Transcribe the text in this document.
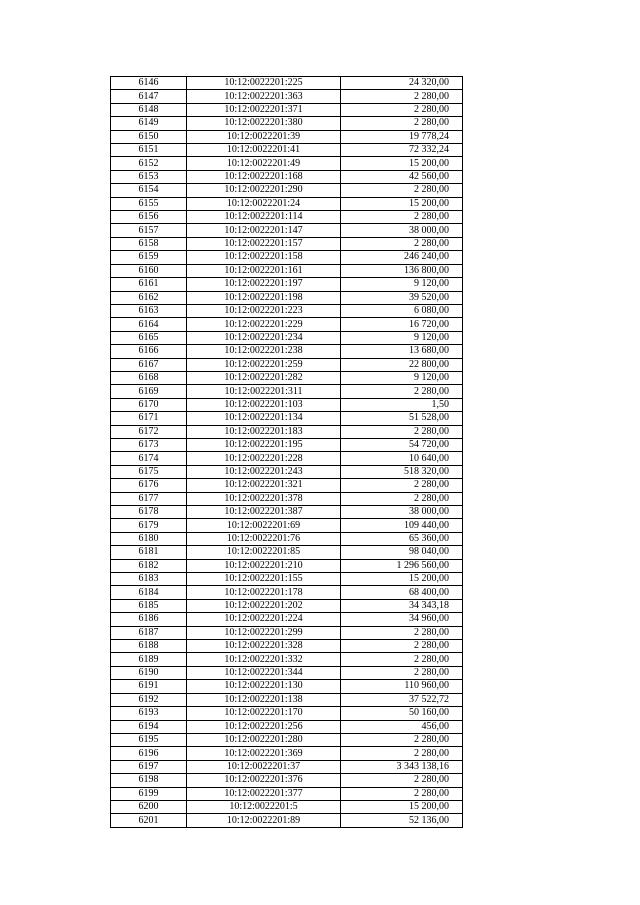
6146	10:12:0022201:225	24 320,00
6147	10:12:0022201:363	2 280,00
6148	10:12:0022201:371	2 280,00
6149	10:12:0022201:380	2 280,00
6150	10:12:0022201:39	19 778,24
6151	10:12:0022201:41	72 332,24
6152	10:12:0022201:49	15 200,00
6153	10:12:0022201:168	42 560,00
6154	10:12:0022201:290	2 280,00
6155	10:12:0022201:24	15 200,00
6156	10:12:0022201:114	2 280,00
6157	10:12:0022201:147	38 000,00
6158	10:12:0022201:157	2 280,00
6159	10:12:0022201:158	246 240,00
6160	10:12:0022201:161	136 800,00
6161	10:12:0022201:197	9 120,00
6162	10:12:0022201:198	39 520,00
6163	10:12:0022201:223	6 080,00
6164	10:12:0022201:229	16 720,00
6165	10:12:0022201:234	9 120,00
6166	10:12:0022201:238	13 680,00
6167	10:12:0022201:259	22 800,00
6168	10:12:0022201:282	9 120,00
6169	10:12:0022201:311	2 280,00
6170	10:12:0022201:103	1,50
6171	10:12:0022201:134	51 528,00
6172	10:12:0022201:183	2 280,00
6173	10:12:0022201:195	54 720,00
6174	10:12:0022201:228	10 640,00
6175	10:12:0022201:243	518 320,00
6176	10:12:0022201:321	2 280,00
6177	10:12:0022201:378	2 280,00
6178	10:12:0022201:387	38 000,00
6179	10:12:0022201:69	109 440,00
6180	10:12:0022201:76	65 360,00
6181	10:12:0022201:85	98 040,00
6182	10:12:0022201:210	1 296 560,00
6183	10:12:0022201:155	15 200,00
6184	10:12:0022201:178	68 400,00
6185	10:12:0022201:202	34 343,18
6186	10:12:0022201:224	34 960,00
6187	10:12:0022201:299	2 280,00
6188	10:12:0022201:328	2 280,00
6189	10:12:0022201:332	2 280,00
6190	10:12:0022201:344	2 280,00
6191	10:12:0022201:130	110 960,00
6192	10:12:0022201:138	37 522,72
6193	10:12:0022201:170	50 160,00
6194	10:12:0022201:256	456,00
6195	10:12:0022201:280	2 280,00
6196	10:12:0022201:369	2 280,00
6197	10:12:0022201:37	3 343 138,16
6198	10:12:0022201:376	2 280,00
6199	10:12:0022201:377	2 280,00
6200	10:12:0022201:5	15 200,00
6201	10:12:0022201:89	52 136,00
